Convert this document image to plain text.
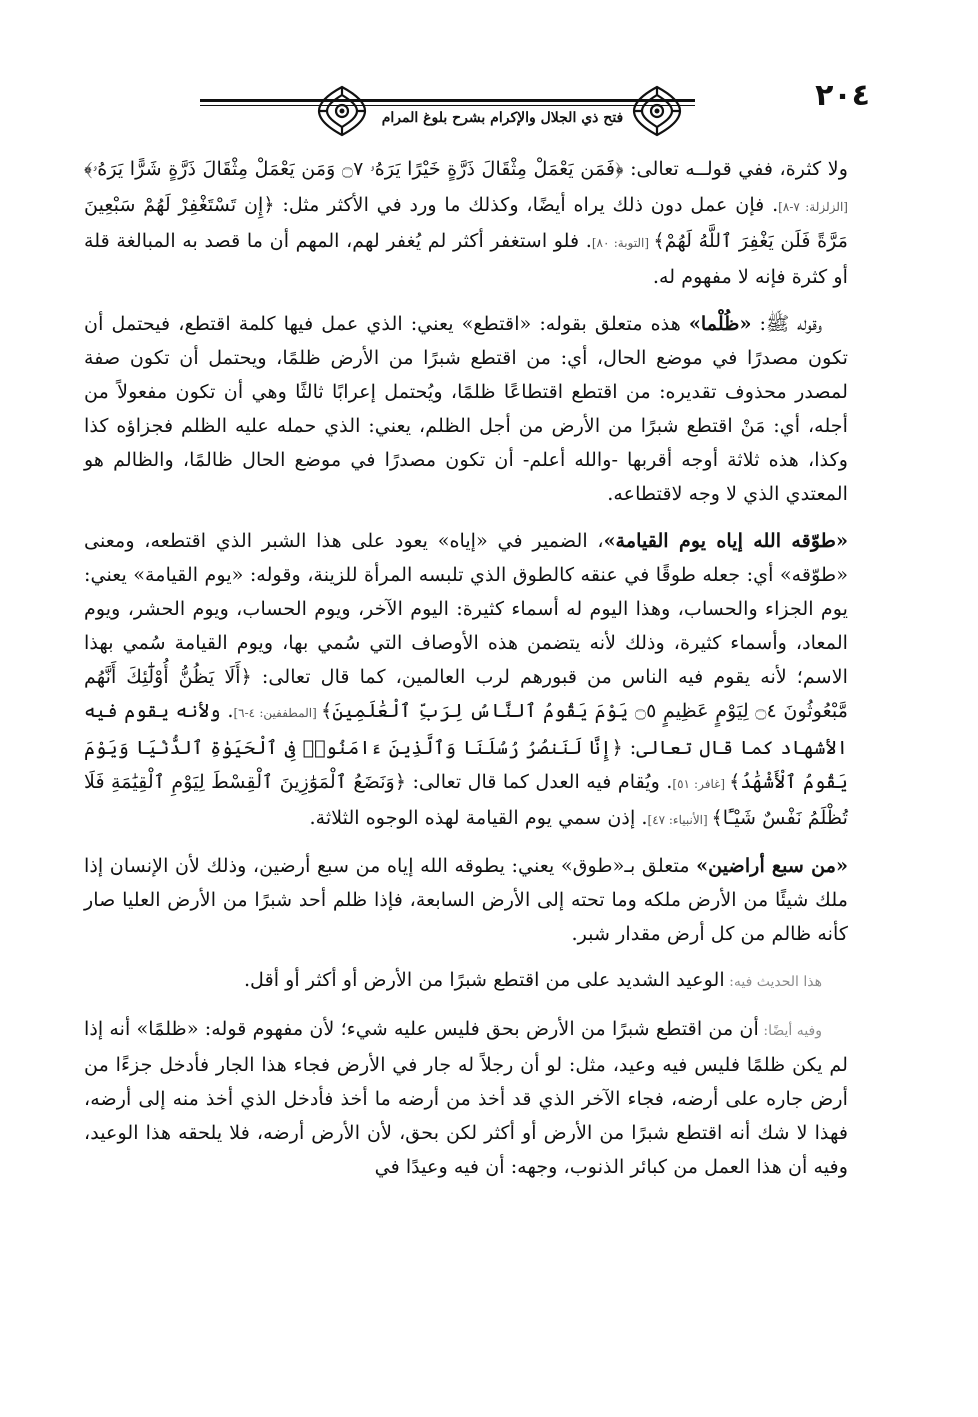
٢٠٤
فتح ذي الجلال والإكرام بشرح بلوغ المرام

ولا كثرة، ففي قولــه تعالى: ﴿فَمَن يَعْمَلْ مِثْقَالَ ذَرَّةٍ خَيْرًا يَرَهُۥ ۝٧ وَمَن يَعْمَلْ مِثْقَالَ ذَرَّةٍ شَرًّا يَرَهُۥ﴾ [الزلزلة: ٧-٨]. فإن عمل دون ذلك يراه أيضًا، وكذلك ما ورد في الأكثر مثل: ﴿إِن تَسْتَغْفِرْ لَهُمْ سَبْعِينَ مَرَّةً فَلَن يَغْفِرَ ٱللَّهُ لَهُمْ﴾ [التوبة: ٨٠]. فلو استغفر أكثر لم يُغفر لهم، المهم أن ما قصد به المبالغة قلة أو كثرة فإنه لا مفهوم له.

وقوله ﷺ: «ظُلْما» هذه متعلق بقوله: «اقتطع» يعني: الذي عمل فيها كلمة اقتطع، فيحتمل أن تكون مصدرًا في موضع الحال، أي: من اقتطع شبرًا من الأرض ظلمًا، ويحتمل أن تكون صفة لمصدر محذوف تقديره: من اقتطع اقتطاعًا ظلمًا، ويُحتمل إعرابًا ثالثًا وهي أن تكون مفعولاً من أجله، أي: مَنْ اقتطع شبرًا من الأرض من أجل الظلم، يعني: الذي حمله عليه الظلم فجزاؤه كذا وكذا، هذه ثلاثة أوجه أقربها -والله أعلم- أن تكون مصدرًا في موضع الحال ظالمًا، والظالم هو المعتدي الذي لا وجه لاقتطاعه.

«طوّقه الله إياه يوم القيامة»، الضمير في «إياه» يعود على هذا الشبر الذي اقتطعه، ومعنى «طوّقه» أي: جعله طوقًا في عنقه كالطوق الذي تلبسه المرأة للزينة، وقوله: «يوم القيامة» يعني: يوم الجزاء والحساب، وهذا اليوم له أسماء كثيرة: اليوم الآخر، ويوم الحساب، ويوم الحشر، ويوم المعاد، وأسماء كثيرة، وذلك لأنه يتضمن هذه الأوصاف التي سُمي بها، ويوم القيامة سُمي بهذا الاسم؛ لأنه يقوم فيه الناس من قبورهم لرب العالمين، كما قال تعالى: ﴿أَلَا يَظُنُّ أُوْلَٰٓئِكَ أَنَّهُم مَّبْعُوثُونَ ۝٤ لِيَوْمٍ عَظِيمٍ ۝٥ يَوْمَ يَقُومُ ٱلنَّاسُ لِرَبِّ ٱلْعَٰلَمِينَ﴾ [المطففين: ٤-٦]. ولأنه يقوم فيه الأشهاد كما قال تعالى: ﴿إِنَّا لَنَنصُرُ رُسُلَنَا وَٱلَّذِينَ ءَامَنُوا۟ فِى ٱلْحَيَوٰةِ ٱلدُّنْيَا وَيَوْمَ يَقُومُ ٱلْأَشْهَٰدُ﴾ [غافر: ٥١]. ويُقام فيه العدل كما قال تعالى: ﴿وَنَضَعُ ٱلْمَوَٰزِينَ ٱلْقِسْطَ لِيَوْمِ ٱلْقِيَٰمَةِ فَلَا تُظْلَمُ نَفْسٌ شَيْـًٔا﴾ [الأنبياء: ٤٧]. إذن سمي يوم القيامة لهذه الوجوه الثلاثة.

«من سبع أراضين» متعلق بـ«طوق» يعني: يطوقه الله إياه من سبع أرضين، وذلك لأن الإنسان إذا ملك شيئًا من الأرض ملكه وما تحته إلى الأرض السابعة، فإذا ظلم أحد شبرًا من الأرض العليا صار كأنه ظالم من كل أرض مقدار شبر.

هذا الحديث فيه: الوعيد الشديد على من اقتطع شبرًا من الأرض أو أكثر أو أقل.

وفيه أيضًا: أن من اقتطع شبرًا من الأرض بحق فليس عليه شيء؛ لأن مفهوم قوله: «ظلمًا» أنه إذا لم يكن ظلمًا فليس فيه وعيد، مثل: لو أن رجلاً له جار في الأرض فجاء هذا الجار فأدخل جزءًا من أرض جاره على أرضه، فجاء الآخر الذي قد أخذ من أرضه ما أخذ فأدخل الذي أخذ منه إلى أرضه، فهذا لا شك أنه اقتطع شبرًا من الأرض أو أكثر لكن بحق، لأن الأرض أرضه، فلا يلحقه هذا الوعيد، وفيه أن هذا العمل من كبائر الذنوب، وجهه: أن فيه وعيدًا في
